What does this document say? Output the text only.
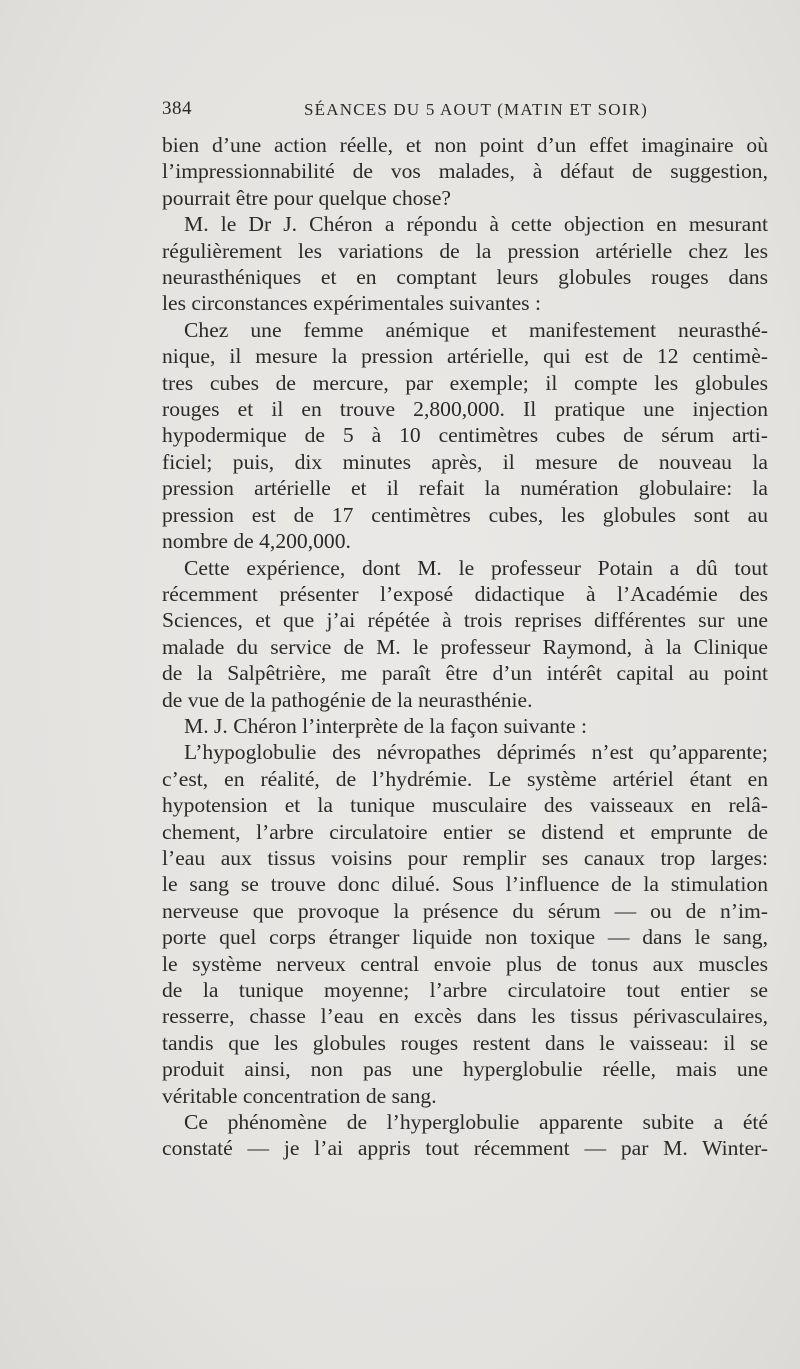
384	SÉANCES DU 5 AOUT (MATIN ET SOIR)
bien d’une action réelle, et non point d’un effet imaginaire où
l’impressionnabilité de vos malades, à défaut de suggestion,
pourrait être pour quelque chose?
M. le Dr J. Chéron a répondu à cette objection en mesurant
régulièrement les variations de la pression artérielle chez les
neurasthéniques et en comptant leurs globules rouges dans
les circonstances expérimentales suivantes :
Chez une femme anémique et manifestement neurasthé-
nique, il mesure la pression artérielle, qui est de 12 centimè-
tres cubes de mercure, par exemple; il compte les globules
rouges et il en trouve 2,800,000. Il pratique une injection
hypodermique de 5 à 10 centimètres cubes de sérum arti-
ficiel; puis, dix minutes après, il mesure de nouveau la
pression artérielle et il refait la numération globulaire: la
pression est de 17 centimètres cubes, les globules sont au
nombre de 4,200,000.
Cette expérience, dont M. le professeur Potain a dû tout
récemment présenter l’exposé didactique à l’Académie des
Sciences, et que j’ai répétée à trois reprises différentes sur une
malade du service de M. le professeur Raymond, à la Clinique
de la Salpêtrière, me paraît être d’un intérêt capital au point
de vue de la pathogénie de la neurasthénie.
M. J. Chéron l’interprète de la façon suivante :
L’hypoglobulie des névropathes déprimés n’est qu’apparente;
c’est, en réalité, de l’hydrémie. Le système artériel étant en
hypotension et la tunique musculaire des vaisseaux en relâ-
chement, l’arbre circulatoire entier se distend et emprunte de
l’eau aux tissus voisins pour remplir ses canaux trop larges:
le sang se trouve donc dilué. Sous l’influence de la stimulation
nerveuse que provoque la présence du sérum — ou de n’im-
porte quel corps étranger liquide non toxique — dans le sang,
le système nerveux central envoie plus de tonus aux muscles
de la tunique moyenne; l’arbre circulatoire tout entier se
resserre, chasse l’eau en excès dans les tissus périvasculaires,
tandis que les globules rouges restent dans le vaisseau: il se
produit ainsi, non pas une hyperglobulie réelle, mais une
véritable concentration de sang.
Ce phénomène de l’hyperglobulie apparente subite a été
constaté — je l’ai appris tout récemment — par M. Winter-
